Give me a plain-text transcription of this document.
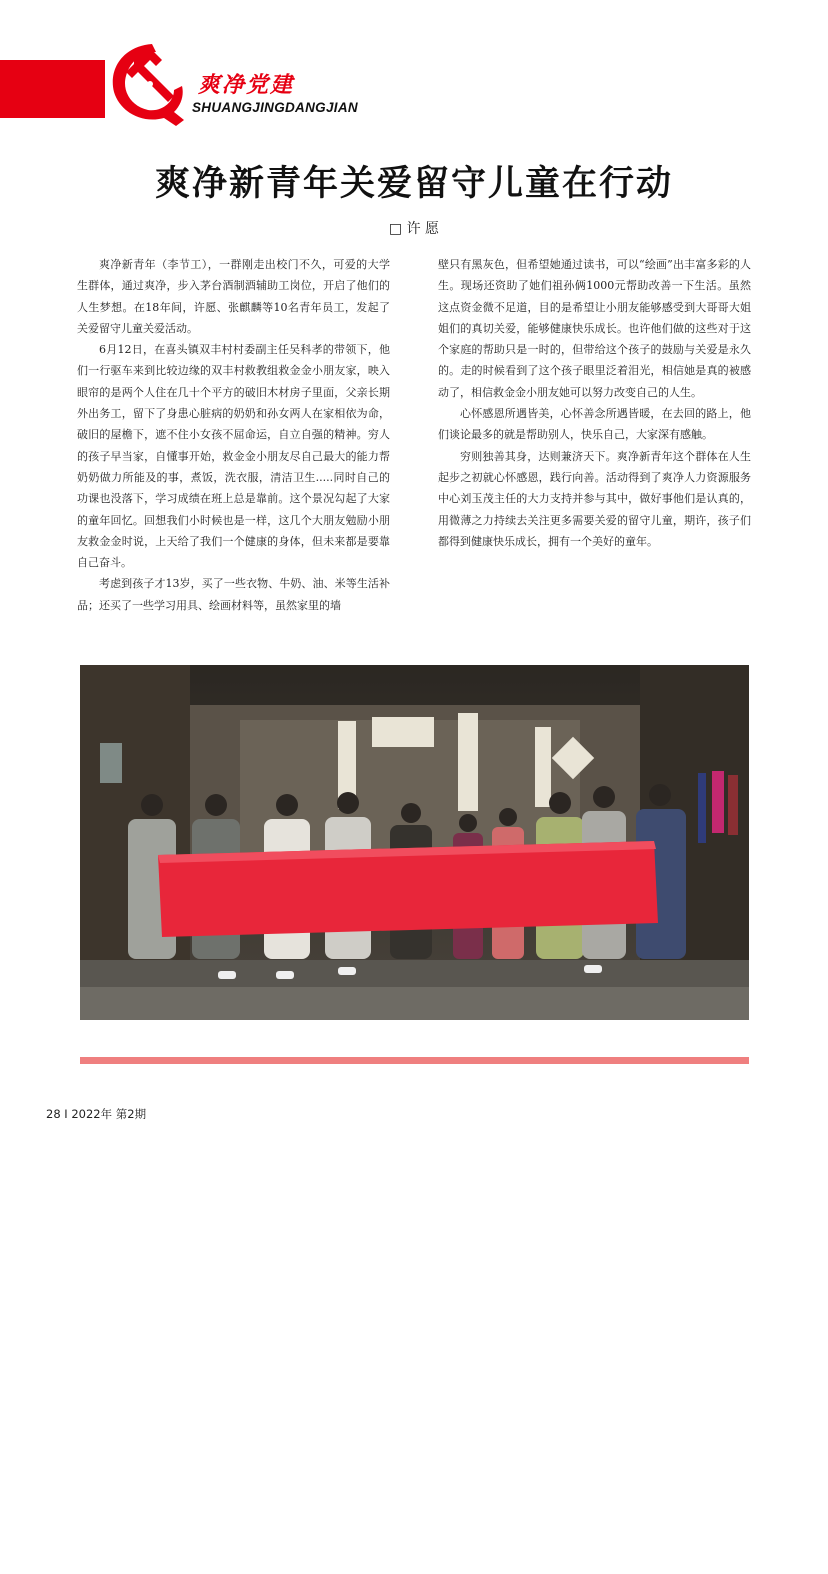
爽净党建
SHUANGJINGDANGJIAN
爽净新青年关爱留守儿童在行动
□ 许 愿

爽净新青年（李节工），一群刚走出校门不久，可爱的大学生群体，通过爽净，步入茅台酒制酒辅助工岗位，开启了他们的人生梦想。在18年间，许愿、张麒麟等10名青年员工，发起了关爱留守儿童关爱活动。

6月12日，在喜头镇双丰村村委副主任吴科孝的带领下，他们一行驱车来到比较边缘的双丰村救教组救金金小朋友家，映入眼帘的是两个人住在几十个平方的破旧木材房子里面，父亲长期外出务工，留下了身患心脏病的奶奶和孙女两人在家相依为命，破旧的屋檐下，遮不住小女孩不屈命运，自立自强的精神。穷人的孩子早当家，自懂事开始，救金金小朋友尽自己最大的能力帮奶奶做力所能及的事，煮饭，洗衣服，清洁卫生.....同时自己的功课也没落下，学习成绩在班上总是靠前。这个景况勾起了大家的童年回忆。回想我们小时候也是一样，这几个大朋友勉励小朋友救金金时说，上天给了我们一个健康的身体，但未来都是要靠自己奋斗。

考虑到孩子才13岁，买了一些衣物、牛奶、油、米等生活补品；还买了一些学习用具、绘画材料等，虽然家里的墙

壁只有黑灰色，但希望她通过读书，可以“绘画”出丰富多彩的人生。现场还资助了她们祖孙俩1000元帮助改善一下生活。虽然这点资金微不足道，目的是希望让小朋友能够感受到大哥哥大姐姐们的真切关爱，能够健康快乐成长。也许他们做的这些对于这个家庭的帮助只是一时的，但带给这个孩子的鼓励与关爱是永久的。走的时候看到了这个孩子眼里泛着泪光，相信她是真的被感动了，相信救金金小朋友她可以努力改变自己的人生。

心怀感恩所遇皆美，心怀善念所遇皆暖，在去回的路上，他们谈论最多的就是帮助别人，快乐自己，大家深有感触。

穷则独善其身，达则兼济天下。爽净新青年这个群体在人生起步之初就心怀感恩，践行向善。活动得到了爽净人力资源服务中心刘玉茂主任的大力支持并参与其中，做好事他们是认真的，用微薄之力持续去关注更多需要关爱的留守儿童，期许，孩子们都得到健康快乐成长，拥有一个美好的童年。

爽净新青年关爱留守儿童我们在行动
28 I 2022年 第2期
